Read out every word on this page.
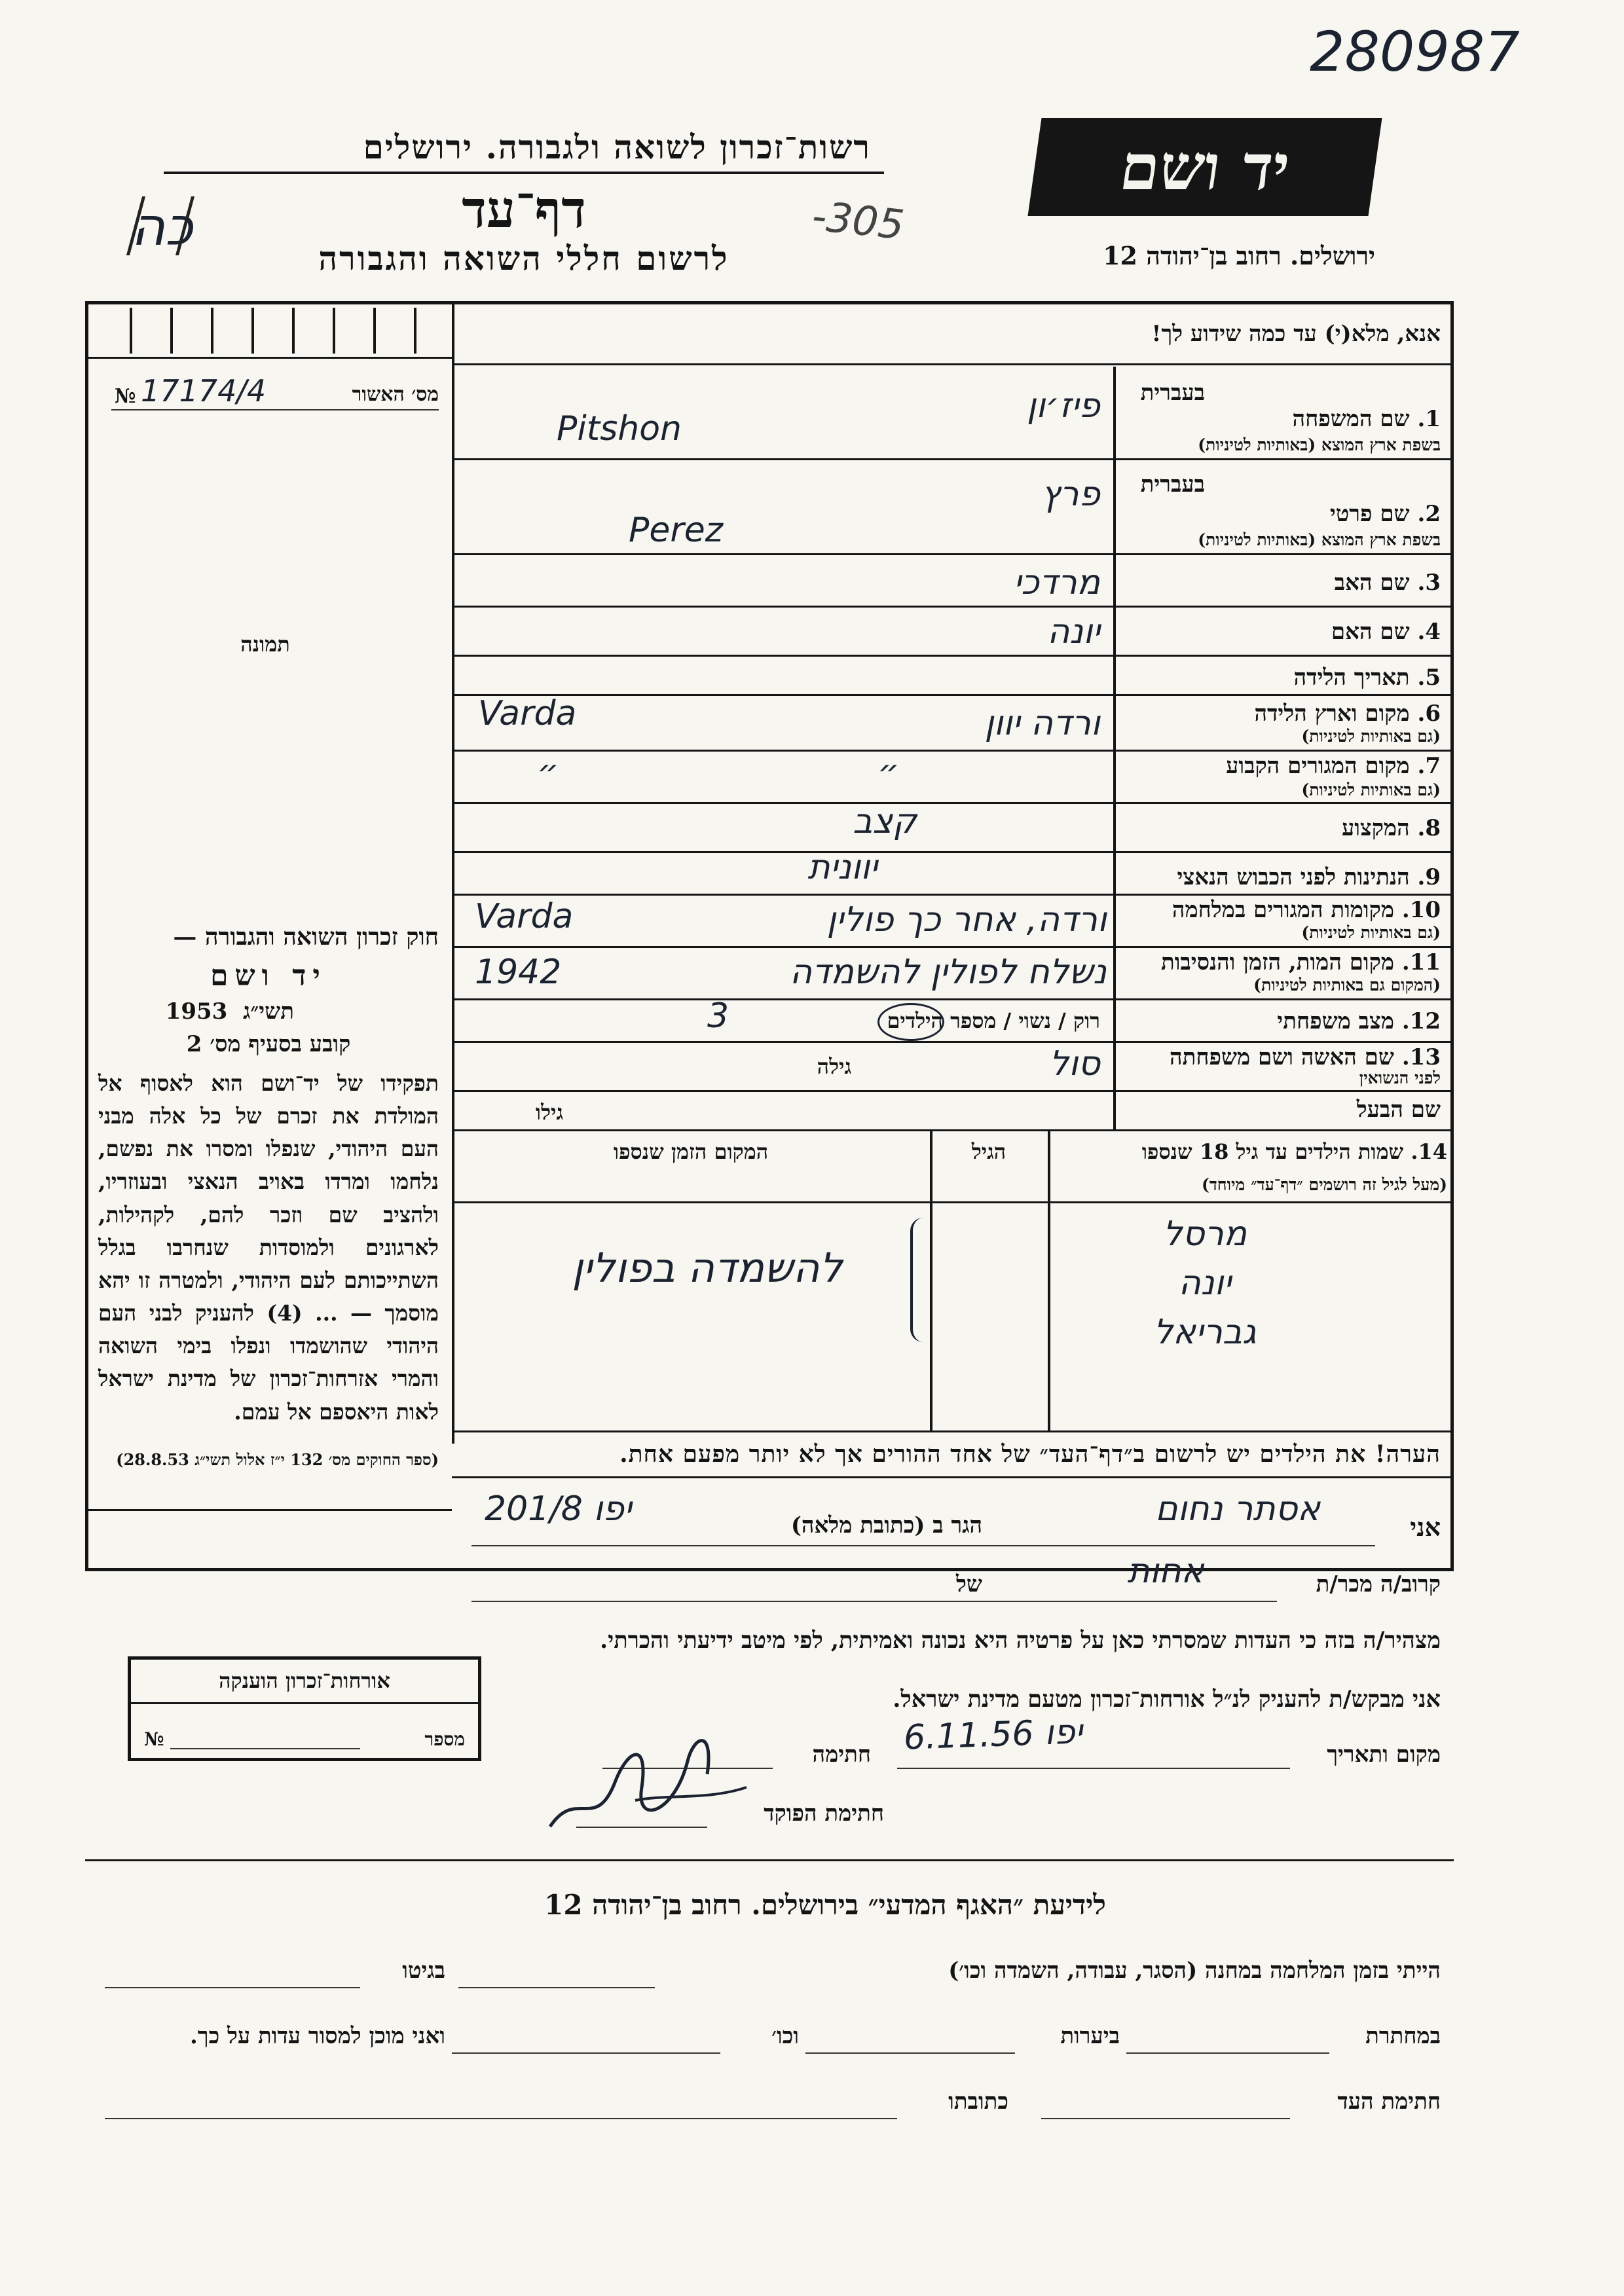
280987
רשות־זכרון לשואה ולגבורה. ירושלים
דף־עד
לרשום חללי השואה והגבורה
-305
כה
יד ושם
ירושלים. רחוב בן־יהודה 12
אנא, מלא(י) עד כמה שידוע לך!
מס׳ האשור
17174/4
№
תמונה
בעברית
1. שם המשפחה
בשפת ארץ המוצא (באותיות לטיניות)
פיז׳ון
Pitshon
בעברית
2. שם פרטי
בשפת ארץ המוצא (באותיות לטיניות)
פרץ
Perez
3. שם האב
מרדכי
4. שם האם
יונה
5. תאריך הלידה
6. מקום וארץ הלידה
(גם באותיות לטיניות)
ורדה יוון
Varda
7. מקום המגורים הקבוע
(גם באותיות לטיניות)
״
״
8. המקצוע
קצב
9. הנתינות לפני הכבוש הנאצי
יוונית
10. מקומות המגורים במלחמה
(גם באותיות לטיניות)
ורדה, אחר כך פולין
Varda
11. מקום המות, הזמן והנסיבות
(המקום גם באותיות לטיניות)
נשלח לפולין להשמדה
1942
12. מצב משפחתי
רוק / נשוי / מספר הילדים
3
13. שם האשה ושם משפחתה
לפני הנשואין
גילה	סול
שם הבעל
גילו
14. שמות הילדים עד גיל 18 שנספו
(מעל לגיל זה רושמים ״דף־עד״ מיוחד)
הגיל
המקום הזמן שנספו
מרסל
יונה
גבריאל
להשמדה בפולין
הערה! את הילדים יש לרשום ב״דף־העד״ של אחד ההורים אך לא יותר מפעם אחת.
חוק זכרון השואה והגבורה —
יד ושם
תשי״ג
1953
קובע בסעיף מס׳ 2
תפקידו של יד־ושם הוא לאסוף אל המולדת את זכרם של כל אלה מבני העם היהודי, שנפלו ומסרו את נפשם, נלחמו ומרדו באויב הנאצי ובעוזריו, ולהציב שם וזכר להם, לקהילות, לארגונים ולמוסדות שנחרבו בגלל השתייכותם לעם היהודי, ולמטרה זו יהא מוסמך — ... (4) להעניק לבני העם היהודי שהושמדו ונפלו בימי השואה והמרי אזרחות־זכרון של מדינת ישראל לאות היאספם אל עמם.
(ספר החוקים מס׳ 132 י״ז אלול תשי״ג 28.8.53)
אני
אסתר נחום
הגר ב (כתובת מלאה)
יפו 201/8
קרוב/ה מכר/ת
אחות
של
מצהיר/ה בזה כי העדות שמסרתי כאן על פרטיה היא נכונה ואמיתית, לפי מיטב ידיעתי והכרתי.
אני מבקש/ת להעניק לנ״ל אורחות־זכרון מטעם מדינת ישראל.
מקום ותאריך
יפו 6.11.56
חתימה
חתימת הפוקד
אורחות־זכרון הוענקה
מספר
№
לידיעת ״האגף המדעי״ בירושלים. רחוב בן־יהודה 12
הייתי בזמן המלחמה במחנה (הסגר, עבודה, השמדה וכו׳)
בגיטו
במחתרת
ביערות
וכו׳
ואני מוכן למסור עדות על כך.
חתימת העד
כתובתו
